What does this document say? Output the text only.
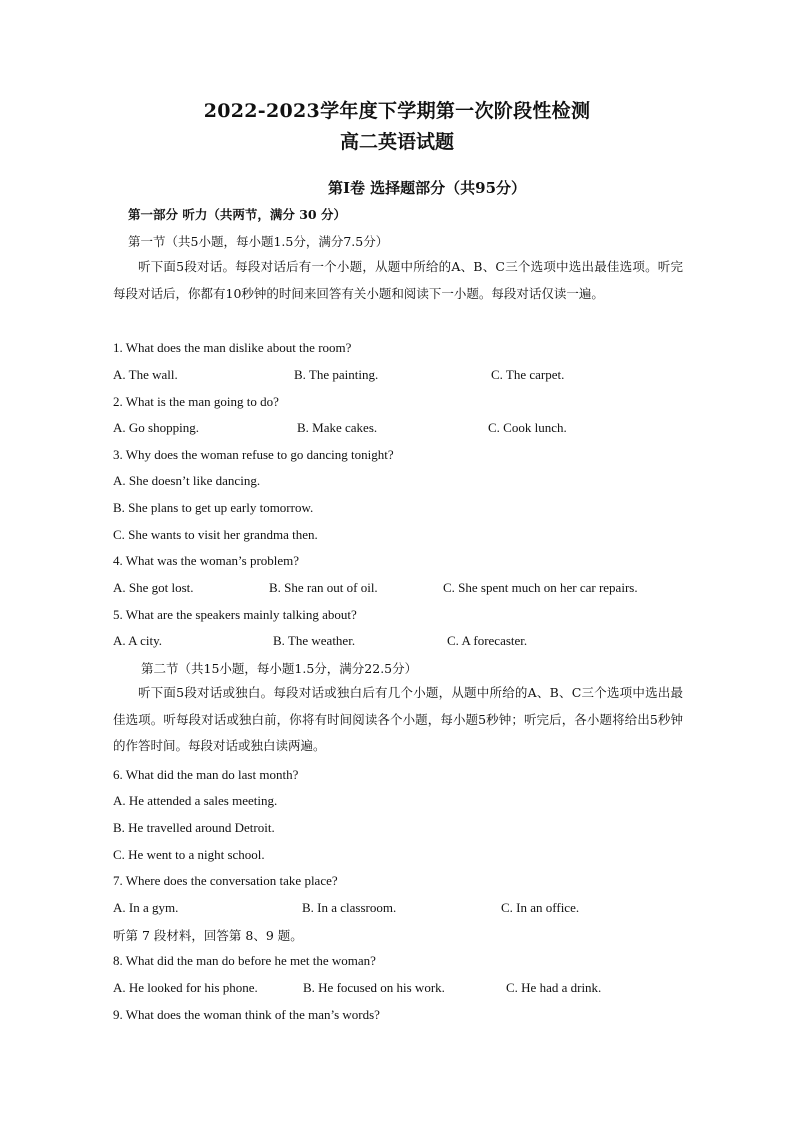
2022-2023学年度下学期第一次阶段性检测
高二英语试题
第I卷 选择题部分（共95分）
第一部分 听力（共两节，满分 30 分）
第一节（共5小题，每小题1.5分，满分7.5分）
听下面5段对话。每段对话后有一个小题，从题中所给的A、B、C三个选项中选出最佳选项。听完每段对话后，你都有10秒钟的时间来回答有关小题和阅读下一小题。每段对话仅读一遍。
1. What does the man dislike about the room?
A. The wall.	B. The painting.	C. The carpet.
2. What is the man going to do?
A. Go shopping.	B. Make cakes.	C. Cook lunch.
3. Why does the woman refuse to go dancing tonight?
A. She doesn’t like dancing.
B. She plans to get up early tomorrow.
C. She wants to visit her grandma then.
4. What was the woman’s problem?
A. She got lost.	B. She ran out of oil.	C. She spent much on her car repairs.
5. What are the speakers mainly talking about?
A. A city.	B. The weather.	C. A forecaster.
第二节（共15小题，每小题1.5分，满分22.5分）
听下面5段对话或独白。每段对话或独白后有几个小题，从题中所给的A、B、C三个选项中选出最佳选项。听每段对话或独白前，你将有时间阅读各个小题，每小题5秒钟；听完后，各小题将给出5秒钟的作答时间。每段对话或独白读两遍。
6. What did the man do last month?
A. He attended a sales meeting.
B. He travelled around Detroit.
C. He went to a night school.
7. Where does the conversation take place?
A. In a gym.	B. In a classroom.	C. In an office.
听第 7 段材料，回答第 8、9 题。
8. What did the man do before he met the woman?
A. He looked for his phone.	B. He focused on his work.	C. He had a drink.
9. What does the woman think of the man’s words?
